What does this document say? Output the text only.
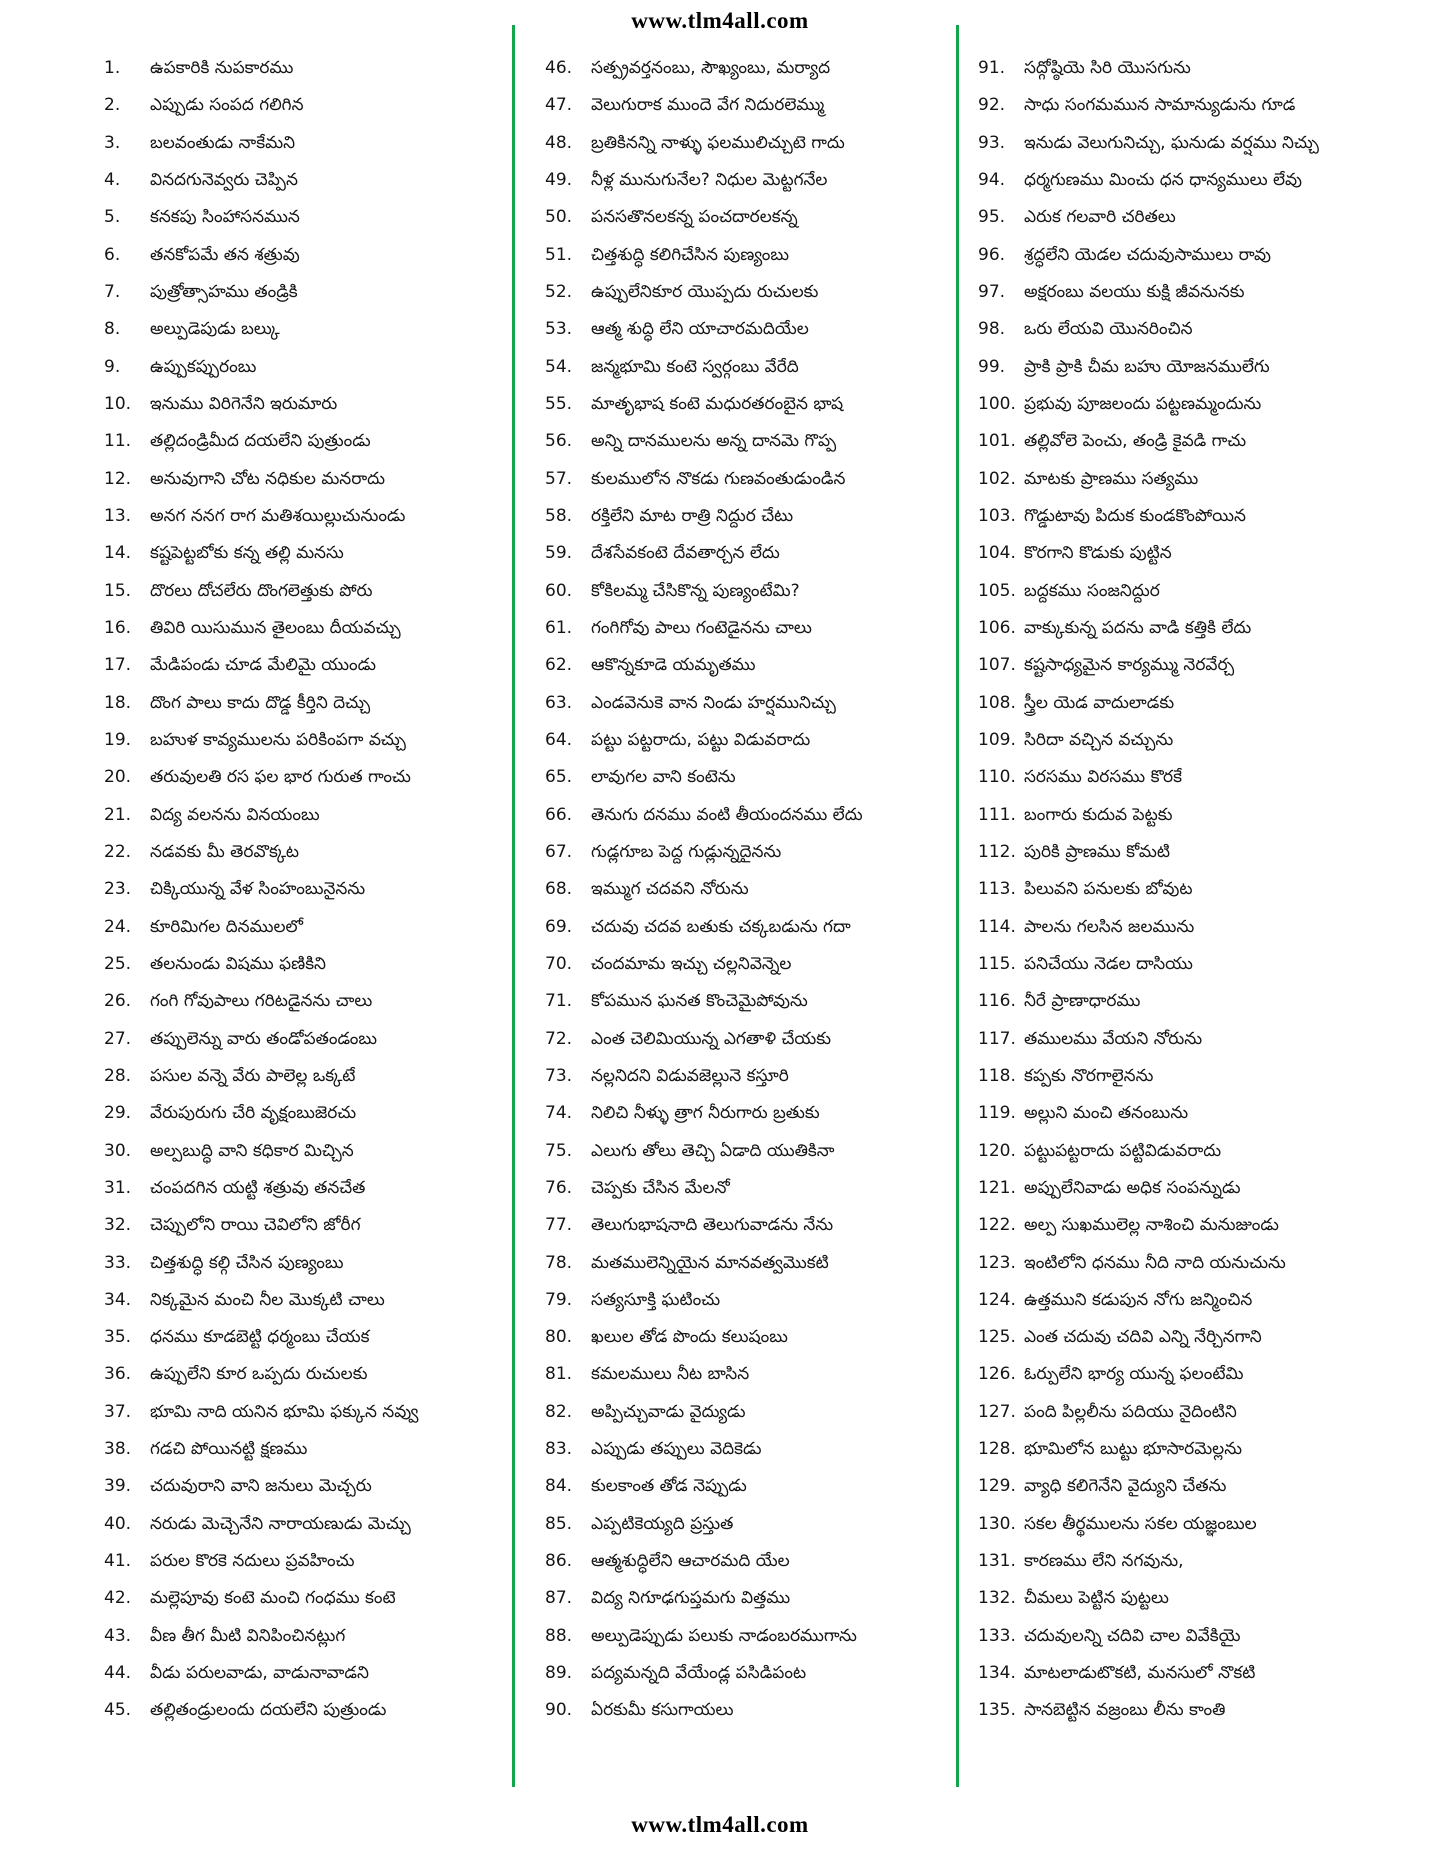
www.tlm4all.com
1.	ఉపకారికి నుపకారము
2.	ఎప్పుడు సంపద గలిగిన
3.	బలవంతుడు నాకేమని
4.	వినదగునెవ్వరు చెప్పిన
5.	కనకపు సింహాసనమున
6.	తనకోపమే తన శత్రువు
7.	పుత్రోత్సాహము తండ్రికి
8.	అల్పుడెపుడు బల్కు
9.	ఉప్పుకప్పురంబు
10.	ఇనుము విరిగెనేని ఇరుమారు
11.	తల్లిదండ్రిమీద దయలేని పుత్రుండు
12.	అనువుగాని చోట నధికుల మనరాదు
13.	అనగ ననగ రాగ మతిశయిల్లుచునుండు
14.	కష్టపెట్టబోకు కన్న తల్లి మనసు
15.	దొరలు దోచలేరు దొంగలెత్తుకు పోరు
16.	తివిరి యిసుమున తైలంబు దీయవచ్చు
17.	మేడిపండు చూడ మేలిమై యుండు
18.	దొంగ పాలు కాదు దొడ్డ కీర్తిని దెచ్చు
19.	బహుళ కావ్యములను పరికింపగా వచ్చు
20.	తరువులతి రస ఫల భార గురుత గాంచు
21.	విద్య వలనను వినయంబు
22.	నడవకు మీ తెరవొక్కట
23.	చిక్కియున్న వేళ సింహంబునైనను
24.	కూరిమిగల దినములలో
25.	తలనుండు విషము ఫణికిని
26.	గంగి గోవుపాలు గరిటడైనను చాలు
27.	తప్పులెన్ను వారు తండోపతండంబు
28.	పసుల వన్నె వేరు పాలెల్ల ఒక్కటే
29.	వేరుపురుగు చేరి వృక్షంబుజెరచు
30.	అల్పబుద్ధి వాని కధికార మిచ్చిన
31.	చంపదగిన యట్టి శత్రువు తనచేత
32.	చెప్పులోని రాయి చెవిలోని జోరీగ
33.	చిత్తశుద్ధి కల్గి చేసిన పుణ్యంబు
34.	నిక్కమైన మంచి నీల మొక్కటి చాలు
35.	ధనము కూడబెట్టి ధర్మంబు చేయక
36.	ఉప్పులేని కూర ఒప్పదు రుచులకు
37.	భూమి నాది యనిన భూమి ఫక్కున నవ్వు
38.	గడచి పోయినట్టి క్షణము
39.	చదువురాని వాని జనులు మెచ్చరు
40.	నరుడు మెచ్చెనేని నారాయణుడు మెచ్చు
41.	పరుల కొరకె నదులు ప్రవహించు
42.	మల్లెపూవు కంటె మంచి గంధము కంటె
43.	వీణ తీగ మీటి వినిపించినట్లుగ
44.	వీడు పరులవాడు, వాడునావాడని
45.	తల్లితండ్రులందు దయలేని పుత్రుండు
46.	సత్ప్రవర్తనంబు, సౌఖ్యంబు, మర్యాద
47.	వెలుగురాక ముందె వేగ నిదురలెమ్ము
48.	బ్రతికినన్ని నాళ్ళు ఫలములిచ్చుటె గాదు
49.	నీళ్ల మునుగునేల? నిధుల మెట్టగనేల
50.	పనసతొనలకన్న పంచదారలకన్న
51.	చిత్తశుద్ధి కలిగిచేసిన పుణ్యంబు
52.	ఉప్పులేనికూర యొప్పదు రుచులకు
53.	ఆత్మ శుద్ధి లేని యాచారమదియేల
54.	జన్మభూమి కంటె స్వర్గంబు వేరేది
55.	మాతృభాష కంటె మధురతరంబైన భాష
56.	అన్ని దానములను అన్న దానమె గొప్ప
57.	కులములోన నొకడు గుణవంతుడుండిన
58.	రక్తిలేని మాట రాత్రి నిద్దుర చేటు
59.	దేశసేవకంటె దేవతార్చన లేదు
60.	కోకిలమ్మ చేసికొన్న పుణ్యంటేమి?
61.	గంగిగోవు పాలు గంటెడైనను చాలు
62.	ఆకొన్నకూడె యమృతము
63.	ఎండవెనుకె వాన నిండు హర్షమునిచ్చు
64.	పట్టు పట్టరాదు, పట్టు విడువరాదు
65.	లావుగల వాని కంటెను
66.	తెనుగు దనము వంటి తీయందనము లేదు
67.	గుడ్లగూబ పెద్ద గుడ్లున్నదైనను
68.	ఇమ్ముగ చదవని నోరును
69.	చదువు చదవ బతుకు చక్కబడును గదా
70.	చందమామ ఇచ్చు చల్లనివెన్నెల
71.	కోపమున ఘనత కొంచెమైపోవును
72.	ఎంత చెలిమియున్న ఎగతాళి చేయకు
73.	నల్లనిదని విడువజెల్లునె కస్తూరి
74.	నిలిచి నీళ్ళు త్రాగ నీరుగారు బ్రతుకు
75.	ఎలుగు తోలు తెచ్చి ఏడాది యుతికినా
76.	చెప్పకు చేసిన మేలనో
77.	తెలుగుభాషనాది తెలుగువాడను నేను
78.	మతములెన్నియైన మానవత్వమొకటి
79.	సత్యసూక్తి ఘటించు
80.	ఖలుల తోడ పొందు కలుషంబు
81.	కమలములు నీట బాసిన
82.	అప్పిచ్చువాడు వైద్యుడు
83.	ఎప్పుడు తప్పులు వెదికెడు
84.	కులకాంత తోడ నెప్పుడు
85.	ఎప్పటికెయ్యది ప్రస్తుత
86.	ఆత్మశుద్ధిలేని ఆచారమది యేల
87.	విద్య నిగూఢగుప్తమగు విత్తము
88.	అల్పుడెప్పుడు పలుకు నాడంబరముగాను
89.	పద్యమన్నది వేయేండ్ల పసిడిపంట
90.	ఏరకుమీ కసుగాయలు
91.	సద్గోష్ఠియె సిరి యొసగును
92.	సాధు సంగమమున సామాన్యుడును గూడ
93.	ఇనుడు వెలుగునిచ్చు, ఘనుడు వర్షము నిచ్చు
94.	ధర్మగుణము మించు ధన ధాన్యములు లేవు
95.	ఎరుక గలవారి చరితలు
96.	శ్రద్ధలేని యెడల చదువుసాములు రావు
97.	అక్షరంబు వలయు కుక్షి జీవనునకు
98.	ఒరు లేయవి యొనరించిన
99.	ప్రాకి ప్రాకి చీమ బహు యోజనములేగు
100. ప్రభువు పూజలందు పట్టణమ్మందును
101. తల్లివోలె పెంచు, తండ్రి కైవడి గాచు
102. మాటకు ప్రాణము సత్యము
103. గొడ్డుటావు పిదుక కుండకొంపోయిన
104. కొరగాని కొడుకు పుట్టిన
105. బద్దకము సంజనిద్దుర
106. వాక్కుకున్న పదను వాడి కత్తికి లేదు
107. కష్టసాధ్యమైన కార్యమ్ము నెరవేర్చ
108. స్త్రీల యెడ వాదులాడకు
109. సిరిదా వచ్చిన వచ్చును
110. సరసము విరసము కొరకే
111. బంగారు కుదువ పెట్టకు
112. పురికి ప్రాణము కోమటి
113. పిలువని పనులకు బోవుట
114. పాలను గలసిన జలమును
115. పనిచేయు నెడల దాసియు
116. నీరే ప్రాణాధారము
117. తములము వేయని నోరును
118. కప్పకు నొరగాలైనను
119. అల్లుని మంచి తనంబును
120. పట్టుపట్టరాదు పట్టివిడువరాదు
121. అప్పులేనివాడు అధిక సంపన్నుడు
122. అల్ప సుఖములెల్ల నాశించి మనుజుండు
123. ఇంటిలోని ధనము నీది నాది యనుచును
124. ఉత్తముని కడుపున నోగు జన్మించిన
125. ఎంత చదువు చదివి ఎన్ని నేర్చినగాని
126. ఓర్పులేని భార్య యున్న ఫలంటేమి
127. పంది పిల్లలీను పదియు నైదింటిని
128. భూమిలోన బుట్టు భూసారమెల్లను
129. వ్యాధి కలిగెనేని వైద్యుని చేతను
130. సకల తీర్థములను సకల యజ్ఞంబుల
131. కారణము లేని నగవును,
132. చీమలు పెట్టిన పుట్టలు
133. చదువులన్ని చదివి చాల వివేకియై
134. మాటలాడుటొకటి, మనసులో నొకటి
135. సానబెట్టిన వజ్రంబు లీను కాంతి
www.tlm4all.com
